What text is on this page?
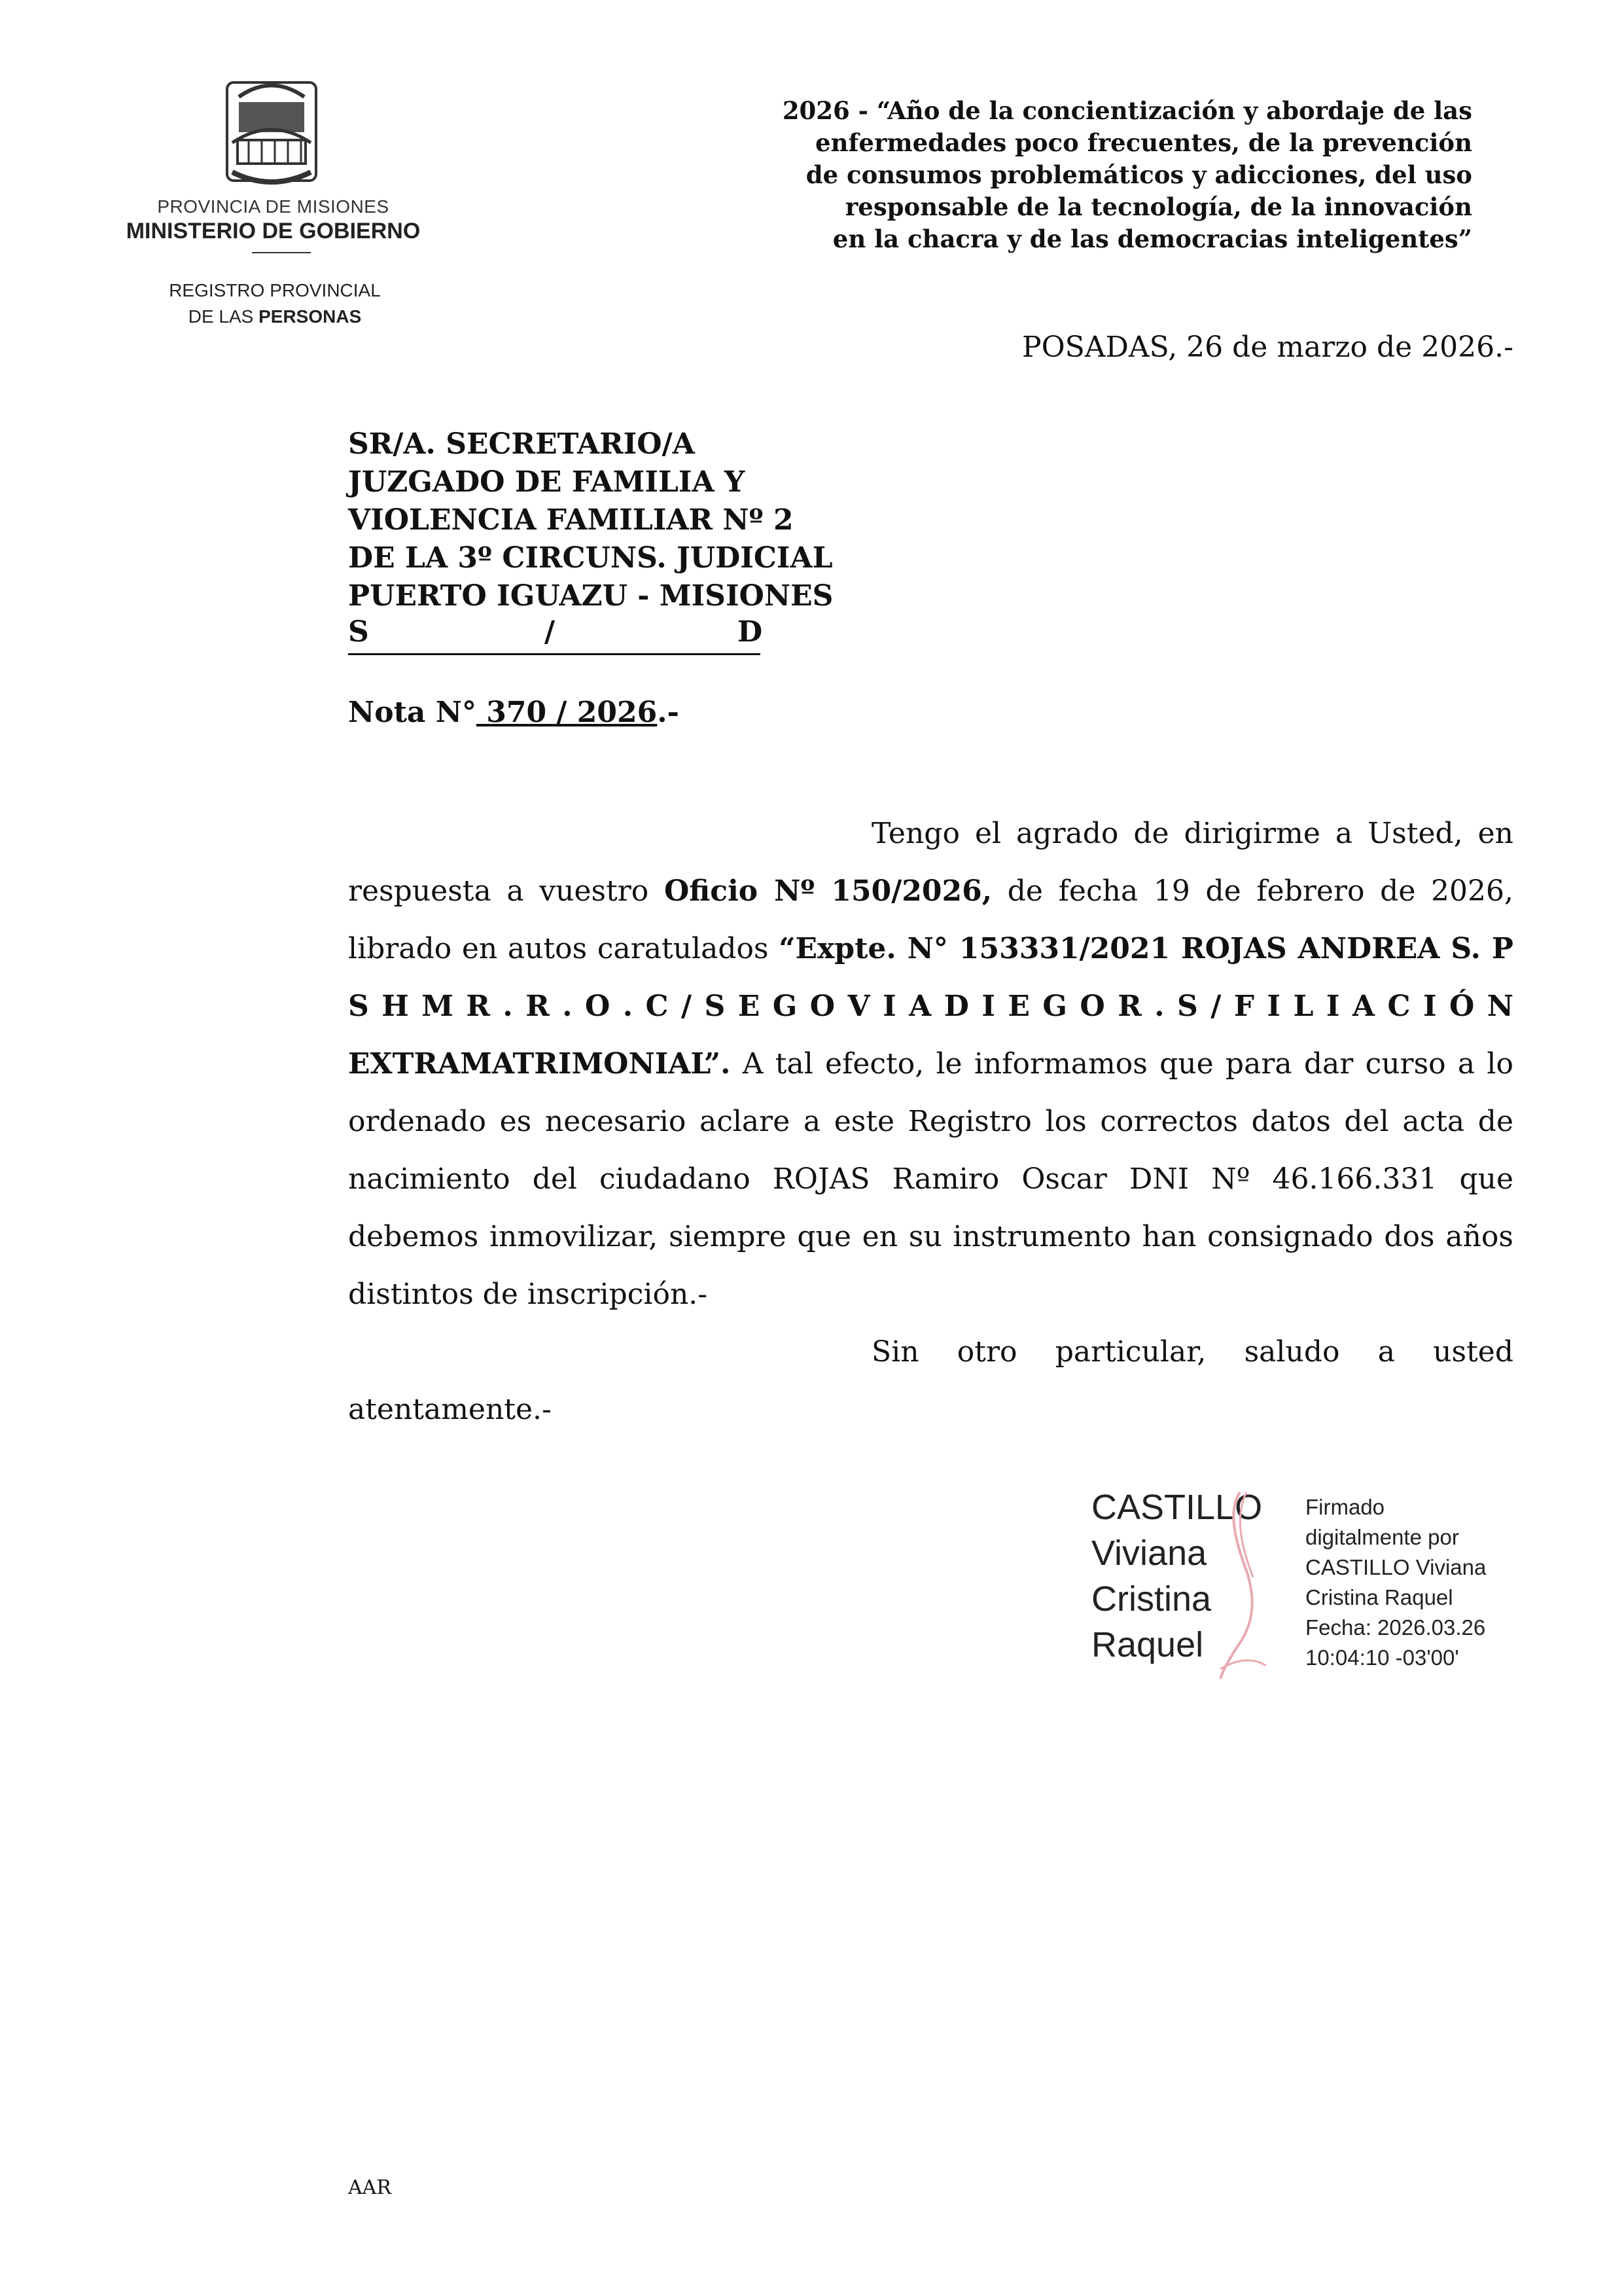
PROVINCIA DE MISIONES
MINISTERIO DE GOBIERNO
REGISTRO PROVINCIAL
DE LAS PERSONAS
2026 - “Año de la concientización y abordaje de las
enfermedades poco frecuentes, de la prevención
de consumos problemáticos y adicciones, del uso
responsable de la tecnología, de la innovación
en la chacra y de las democracias inteligentes”
POSADAS, 26 de marzo de 2026.-
SR/A. SECRETARIO/A
JUZGADO DE FAMILIA Y
VIOLENCIA FAMILIAR Nº 2
DE LA 3º CIRCUNS. JUDICIAL
PUERTO IGUAZU - MISIONES
S	/	D
Nota N° 370 / 2026.-

Tengo el agrado de dirigirme a Usted, en respuesta a vuestro Oficio Nº 150/2026, de fecha 19 de febrero de 2026, librado en autos caratulados “Expte. N° 153331/2021 ROJAS ANDREA S. P S H M R . R . O . C / S E G O V I A D I E G O R . S / F I L I A C I Ó N EXTRAMATRIMONIAL”. A tal efecto, le informamos que para dar curso a lo ordenado es necesario aclare a este Registro los correctos datos del acta de nacimiento del ciudadano ROJAS Ramiro Oscar DNI Nº 46.166.331 que debemos inmovilizar, siempre que en su instrumento han consignado dos años distintos de inscripción.-

Sin otro particular, saludo a usted atentamente.-

CASTILLO
Viviana
Cristina
Raquel
Firmado
digitalmente por
CASTILLO Viviana
Cristina Raquel
Fecha: 2026.03.26
10:04:10 -03'00'
AAR
